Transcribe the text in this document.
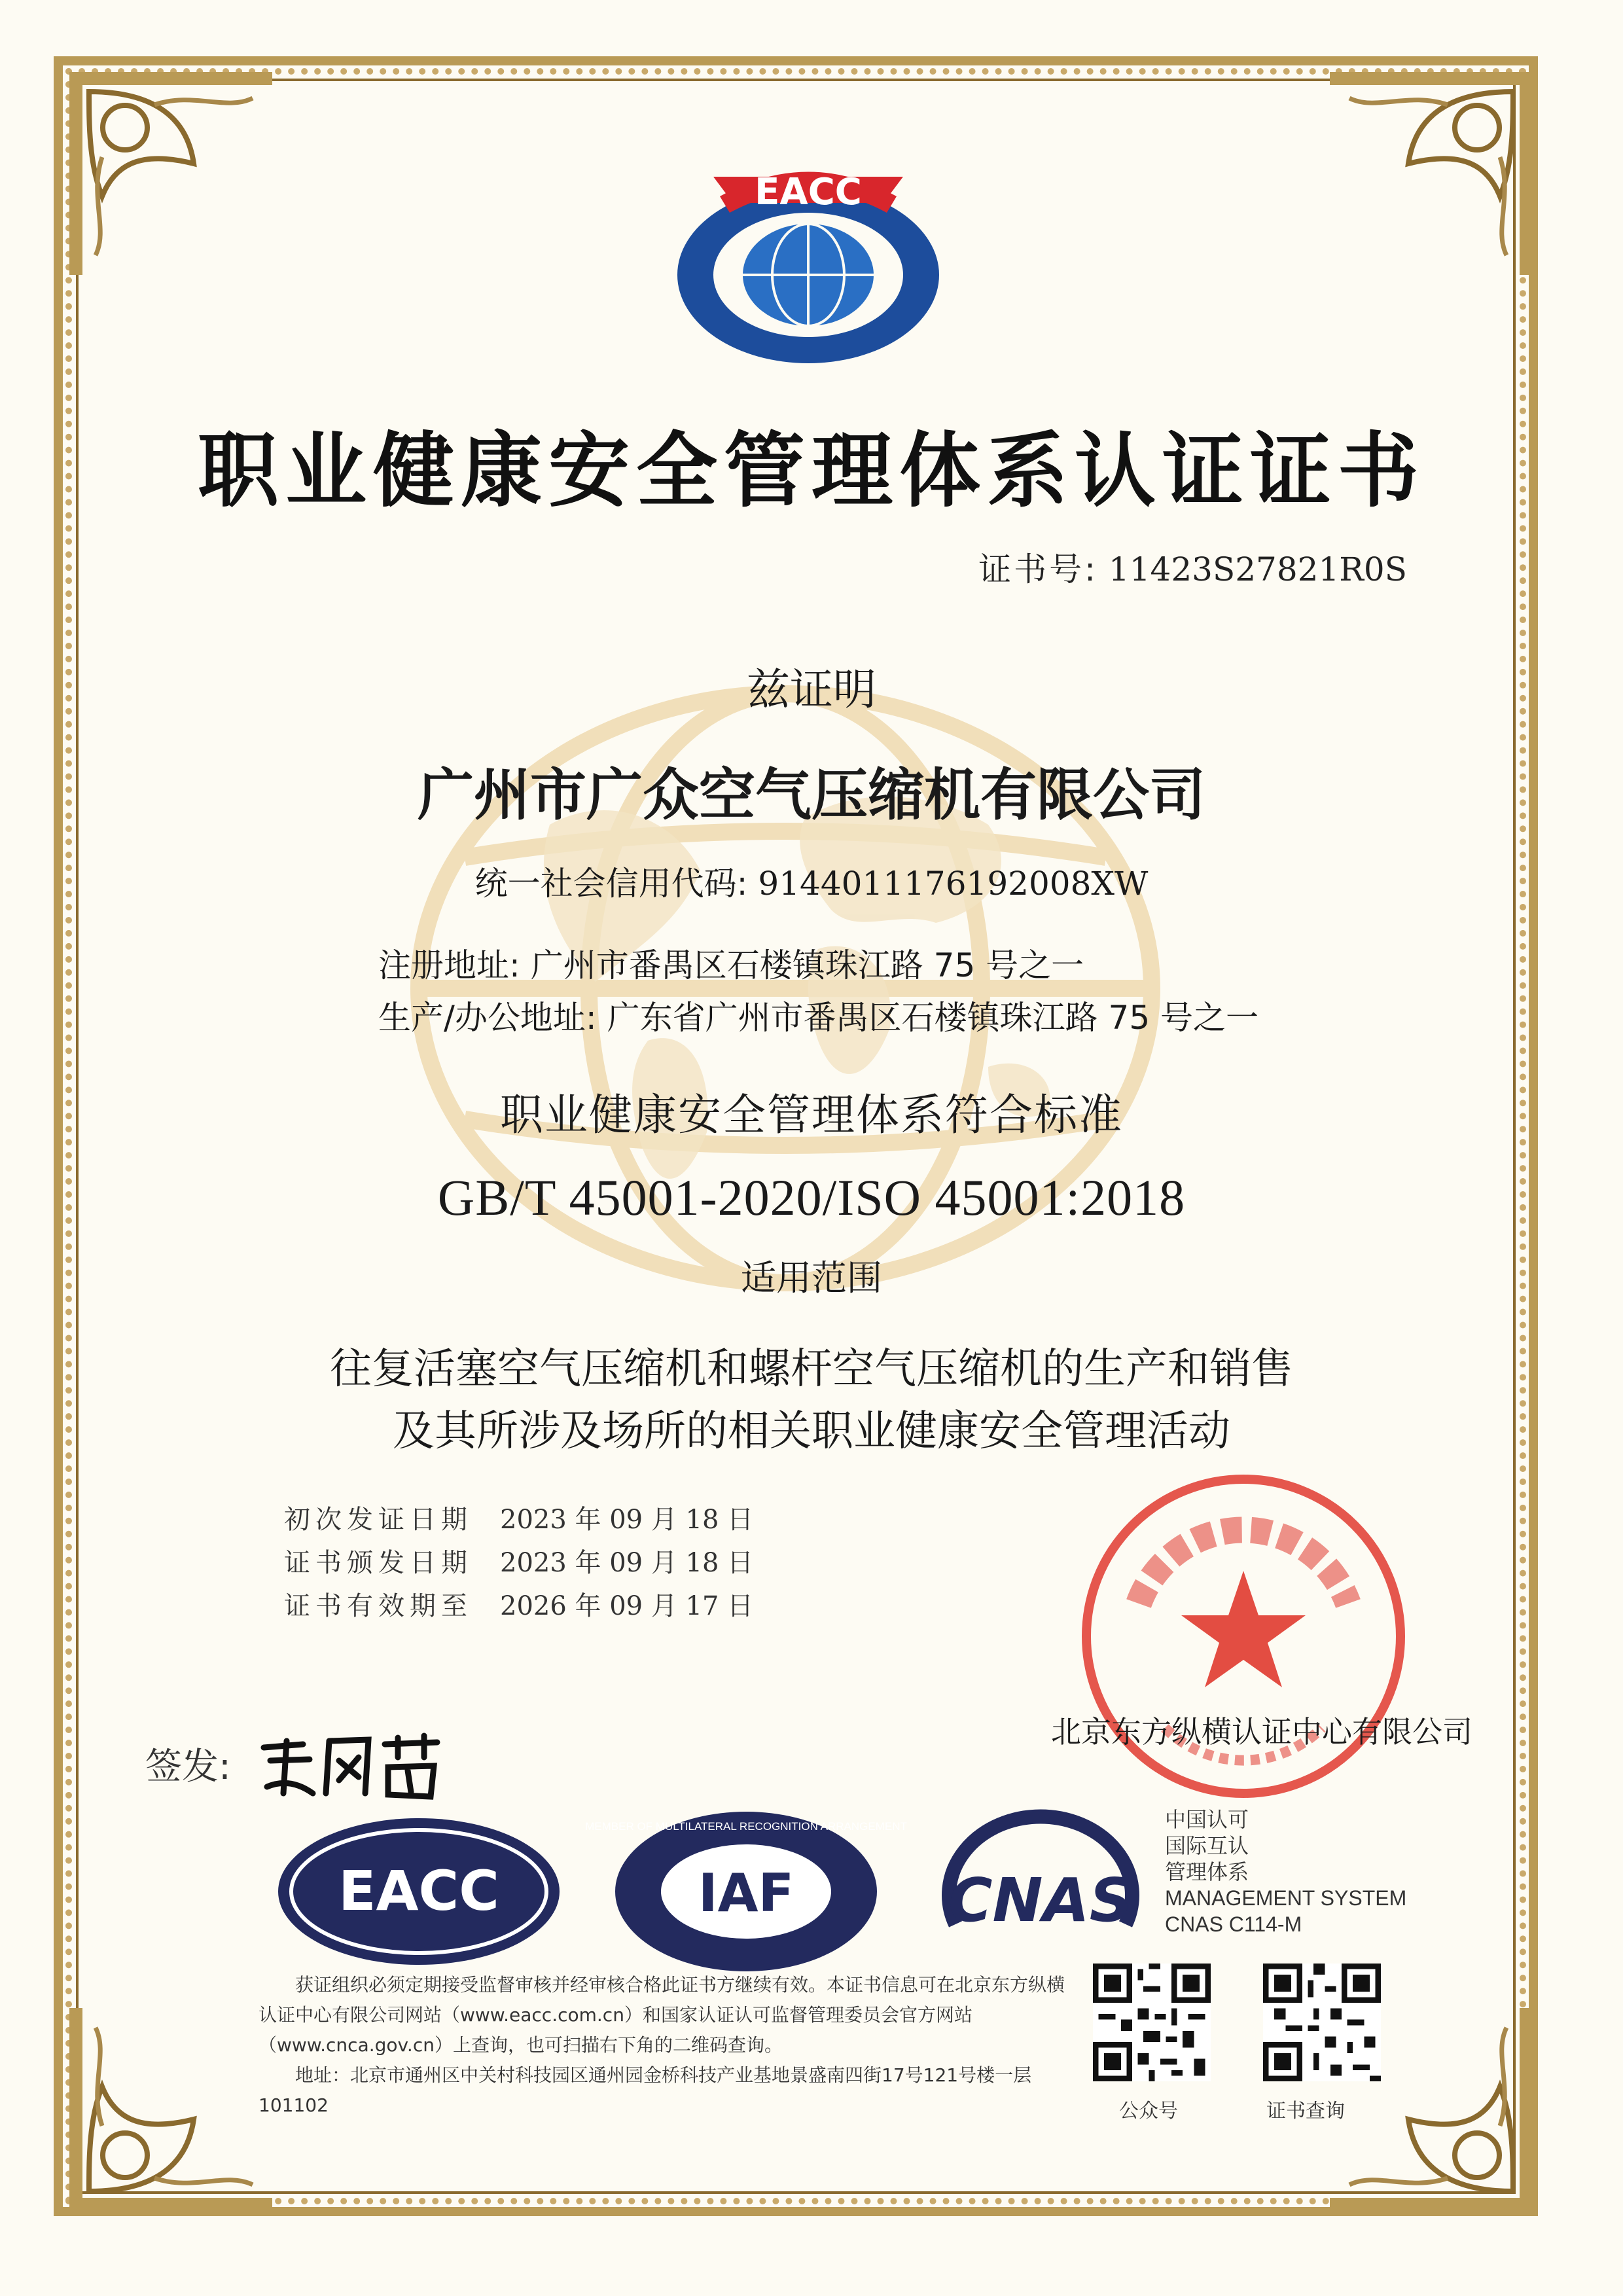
EACC
职业健康安全管理体系认证证书
证书号: 11423S27821R0S
兹证明
广州市广众空气压缩机有限公司
统一社会信用代码: 9144011176192008XW
注册地址: 广州市番禺区石楼镇珠江路 75 号之一
生产/办公地址: 广东省广州市番禺区石楼镇珠江路 75 号之一
职业健康安全管理体系符合标准
GB/T 45001-2020/ISO 45001:2018
适用范围
往复活塞空气压缩机和螺杆空气压缩机的生产和销售
及其所涉及场所的相关职业健康安全管理活动
初次发证日期	2023 年 09 月 18 日
证书颁发日期	2023 年 09 月 18 日
证书有效期至	2026 年 09 月 17 日
签发:
北京东方纵横认证中心有限公司
EACC	IAF
MEMBER OF MULTILATERAL RECOGNITION ARRANGEMENT
CNAS
中国认可
国际互认
管理体系
MANAGEMENT SYSTEM
CNAS C114-M

获证组织必须定期接受监督审核并经审核合格此证书方继续有效。本证书信息可在北京东方纵横认证中心有限公司网站（www.eacc.com.cn）和国家认证认可监督管理委员会官方网站（www.cnca.gov.cn）上查询，也可扫描右下角的二维码查询。

地址：北京市通州区中关村科技园区通州园金桥科技产业基地景盛南四街17号121号楼一层 101102	公众号	证书查询
